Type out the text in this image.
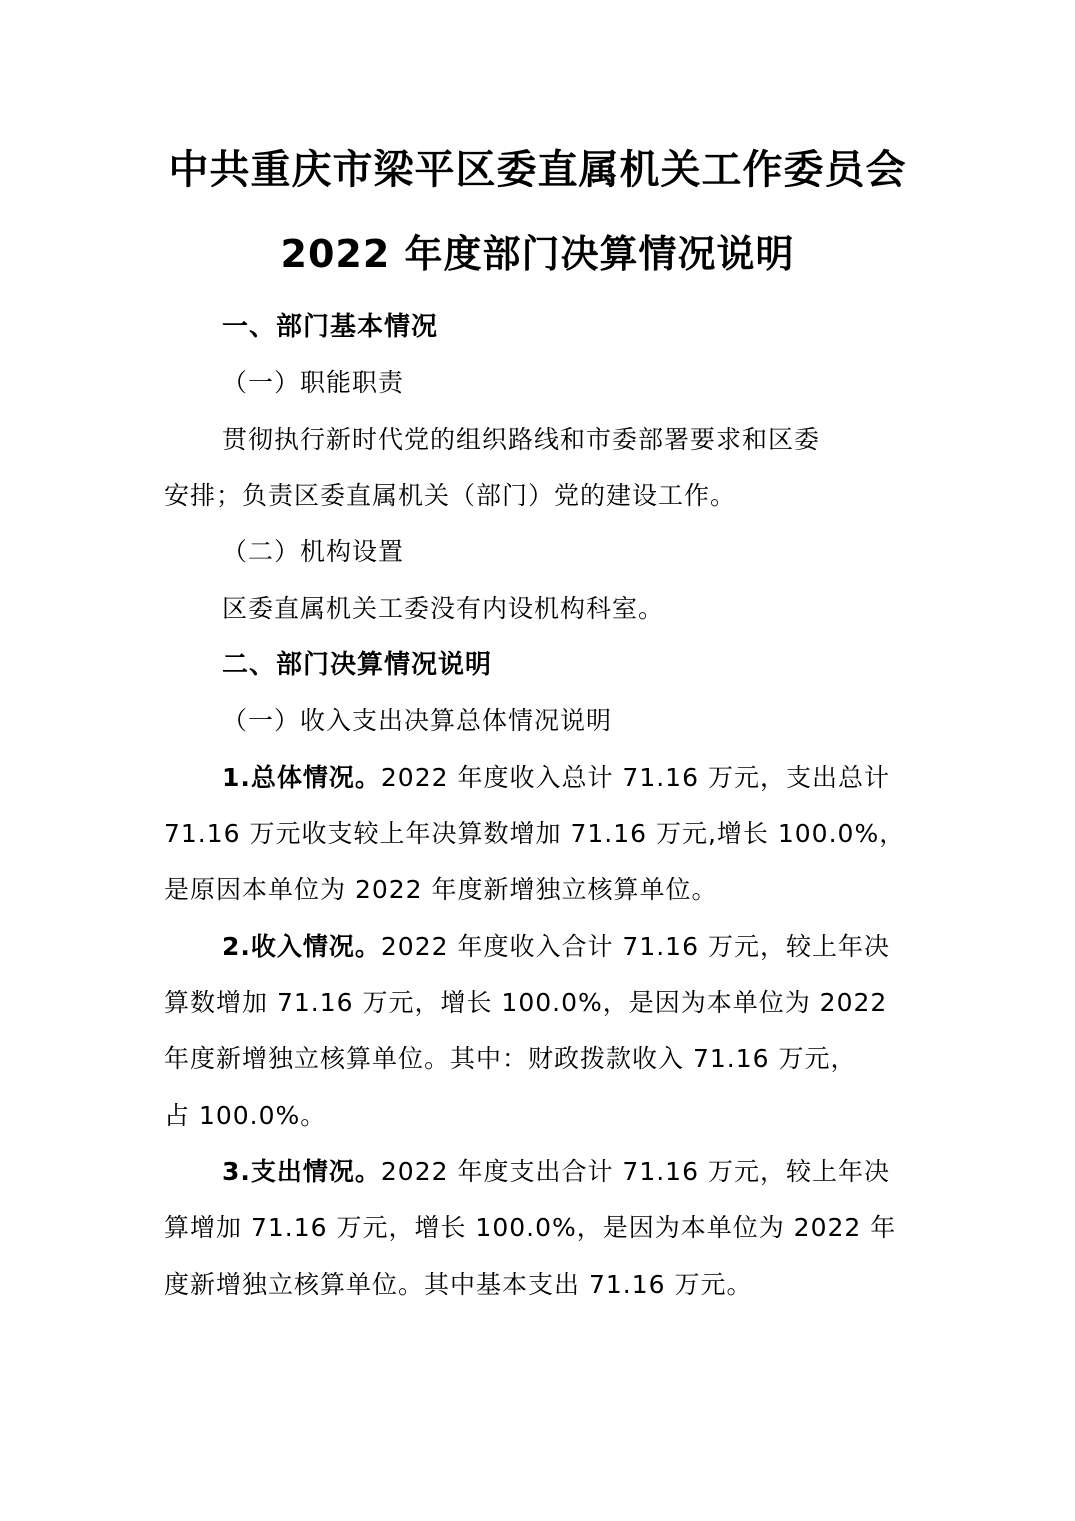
中共重庆市梁平区委直属机关工作委员会
2022 年度部门决算情况说明
一、部门基本情况
（一）职能职责
贯彻执行新时代党的组织路线和市委部署要求和区委
安排；负责区委直属机关（部门）党的建设工作。
（二）机构设置
区委直属机关工委没有内设机构科室。
二、部门决算情况说明
（一）收入支出决算总体情况说明
1.总体情况。2022 年度收入总计 71.16 万元，支出总计
71.16 万元收支较上年决算数增加 71.16 万元,增长 100.0%，
是原因本单位为 2022 年度新增独立核算单位。
2.收入情况。2022 年度收入合计 71.16 万元，较上年决
算数增加 71.16 万元，增长 100.0%，是因为本单位为 2022
年度新增独立核算单位。其中：财政拨款收入 71.16 万元，
占 100.0%。
3.支出情况。2022 年度支出合计 71.16 万元，较上年决
算增加 71.16 万元，增长 100.0%，是因为本单位为 2022 年
度新增独立核算单位。其中基本支出 71.16 万元。
